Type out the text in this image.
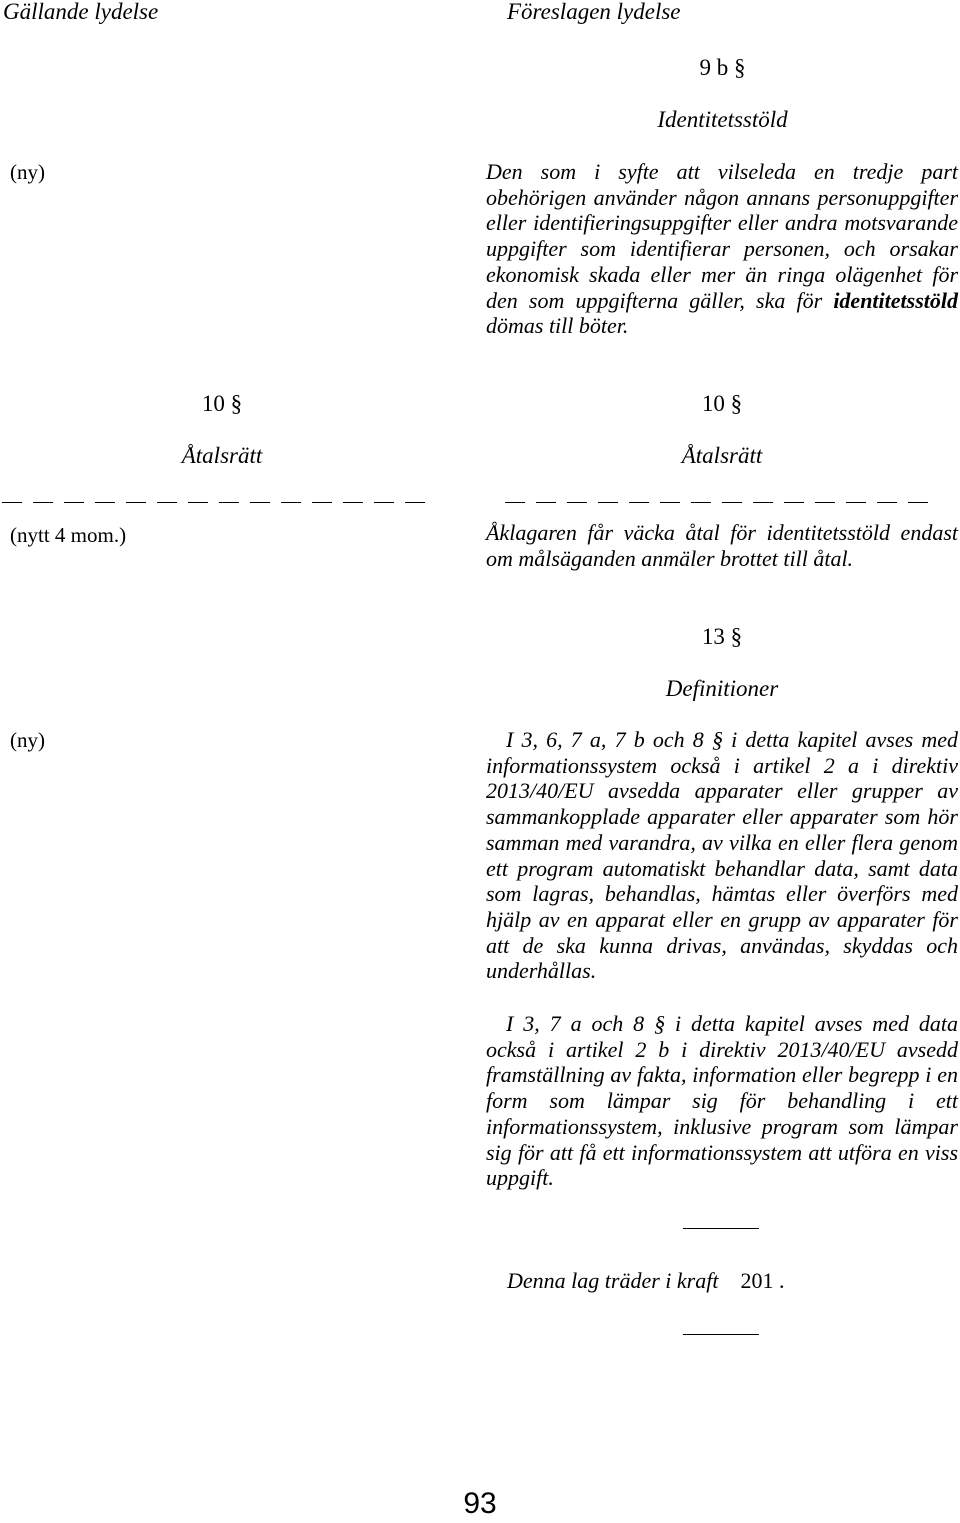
Gällande lydelse	Föreslagen lydelse
9 b §
Identitetsstöld
(ny)	Den som i syfte att vilseleda en tredje part obehörigen använder någon annans personuppgifter eller identifieringsuppgifter eller andra motsvarande uppgifter som identifierar personen, och orsakar ekonomisk skada eller mer än ringa olägenhet för den som uppgifterna gäller, ska för identitetsstöld dömas till böter.
10 §	10 §
Åtalsrätt	Åtalsrätt
(nytt 4 mom.)	Åklagaren får väcka åtal för identitetsstöld endast om målsäganden anmäler brottet till åtal.
13 §
Definitioner
(ny)	I 3, 6, 7 a, 7 b och 8 § i detta kapitel avses med informationssystem också i artikel 2 a i direktiv 2013/40/EU avsedda apparater eller grupper av sammankopplade apparater eller apparater som hör samman med varandra, av vilka en eller flera genom ett program automatiskt behandlar data, samt data som lagras, behandlas, hämtas eller överförs med hjälp av en apparat eller en grupp av apparater för att de ska kunna drivas, användas, skyddas och underhållas.
I 3, 7 a och 8 § i detta kapitel avses med data också i artikel 2 b i direktiv 2013/40/EU avsedd framställning av fakta, information eller begrepp i en form som lämpar sig för behandling i ett informationssystem, inklusive program som lämpar sig för att få ett informationssystem att utföra en viss uppgift.
Denna lag träder i kraft 201 .
93
